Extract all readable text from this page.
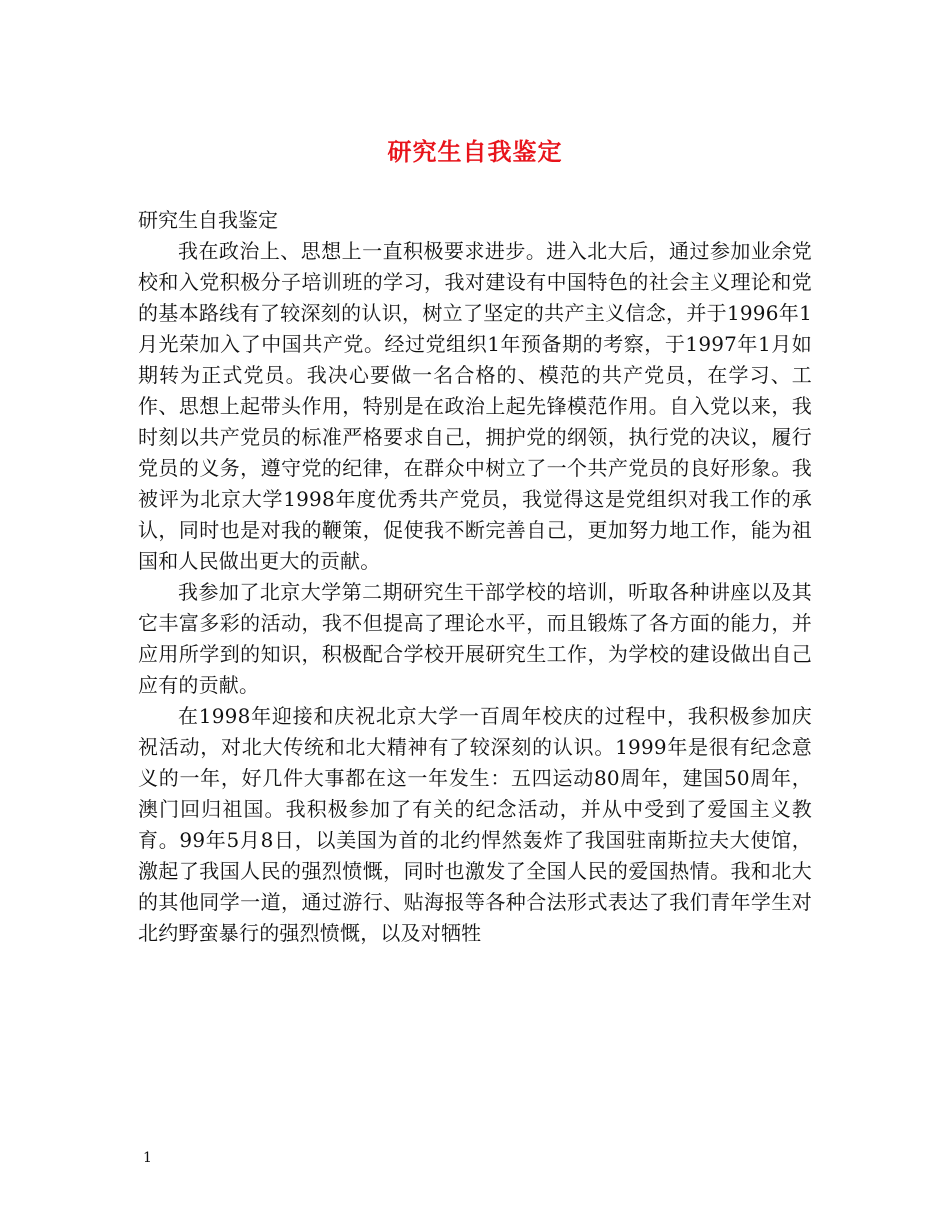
研究生自我鉴定

研究生自我鉴定

我在政治上、思想上一直积极要求进步。进入北大后，通过参加业余党校和入党积极分子培训班的学习，我对建设有中国特色的社会主义理论和党的基本路线有了较深刻的认识，树立了坚定的共产主义信念，并于1996年1月光荣加入了中国共产党。经过党组织1年预备期的考察，于1997年1月如期转为正式党员。我决心要做一名合格的、模范的共产党员，在学习、工作、思想上起带头作用，特别是在政治上起先锋模范作用。自入党以来，我时刻以共产党员的标准严格要求自己，拥护党的纲领，执行党的决议，履行党员的义务，遵守党的纪律，在群众中树立了一个共产党员的良好形象。我被评为北京大学1998年度优秀共产党员，我觉得这是党组织对我工作的承认，同时也是对我的鞭策，促使我不断完善自己，更加努力地工作，能为祖国和人民做出更大的贡献。

我参加了北京大学第二期研究生干部学校的培训，听取各种讲座以及其它丰富多彩的活动，我不但提高了理论水平，而且锻炼了各方面的能力，并应用所学到的知识，积极配合学校开展研究生工作，为学校的建设做出自己应有的贡献。

在1998年迎接和庆祝北京大学一百周年校庆的过程中，我积极参加庆祝活动，对北大传统和北大精神有了较深刻的认识。1999年是很有纪念意义的一年，好几件大事都在这一年发生：五四运动80周年，建国50周年，澳门回归祖国。我积极参加了有关的纪念活动，并从中受到了爱国主义教育。99年5月8日，以美国为首的北约悍然轰炸了我国驻南斯拉夫大使馆，激起了我国人民的强烈愤慨，同时也激发了全国人民的爱国热情。我和北大的其他同学一道，通过游行、贴海报等各种合法形式表达了我们青年学生对北约野蛮暴行的强烈愤慨，以及对牺牲

1
